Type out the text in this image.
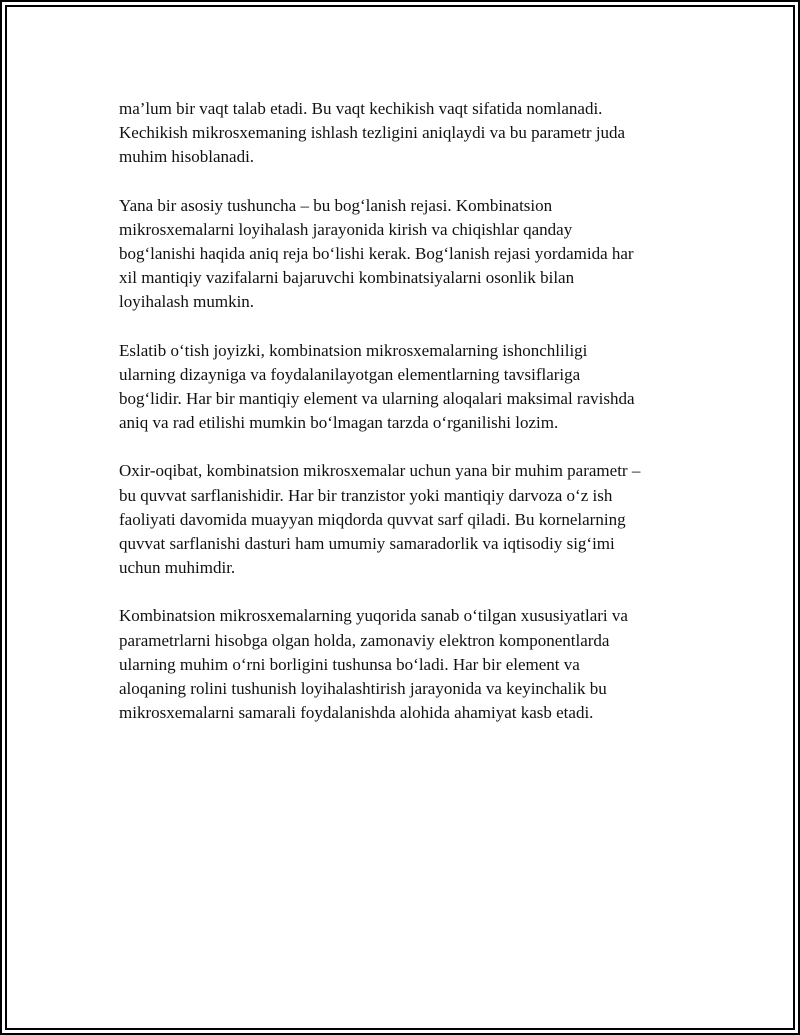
ma’lum bir vaqt talab etadi. Bu vaqt kechikish vaqt sifatida nomlanadi.
Kechikish mikrosxemaning ishlash tezligini aniqlaydi va bu parametr juda
muhim hisoblanadi.

Yana bir asosiy tushuncha – bu bog‘lanish rejasi. Kombinatsion
mikrosxemalarni loyihalash jarayonida kirish va chiqishlar qanday
bog‘lanishi haqida aniq reja bo‘lishi kerak. Bog‘lanish rejasi yordamida har
xil mantiqiy vazifalarni bajaruvchi kombinatsiyalarni osonlik bilan
loyihalash mumkin.

Eslatib o‘tish joyizki, kombinatsion mikrosxemalarning ishonchliligi
ularning dizayniga va foydalanilayotgan elementlarning tavsiflariga
bog‘lidir. Har bir mantiqiy element va ularning aloqalari maksimal ravishda
aniq va rad etilishi mumkin bo‘lmagan tarzda o‘rganilishi lozim.

Oxir-oqibat, kombinatsion mikrosxemalar uchun yana bir muhim parametr –
bu quvvat sarflanishidir. Har bir tranzistor yoki mantiqiy darvoza o‘z ish
faoliyati davomida muayyan miqdorda quvvat sarf qiladi. Bu kornelarning
quvvat sarflanishi dasturi ham umumiy samaradorlik va iqtisodiy sig‘imi
uchun muhimdir.

Kombinatsion mikrosxemalarning yuqorida sanab o‘tilgan xususiyatlari va
parametrlarni hisobga olgan holda, zamonaviy elektron komponentlarda
ularning muhim o‘rni borligini tushunsa bo‘ladi. Har bir element va
aloqaning rolini tushunish loyihalashtirish jarayonida va keyinchalik bu
mikrosxemalarni samarali foydalanishda alohida ahamiyat kasb etadi.
